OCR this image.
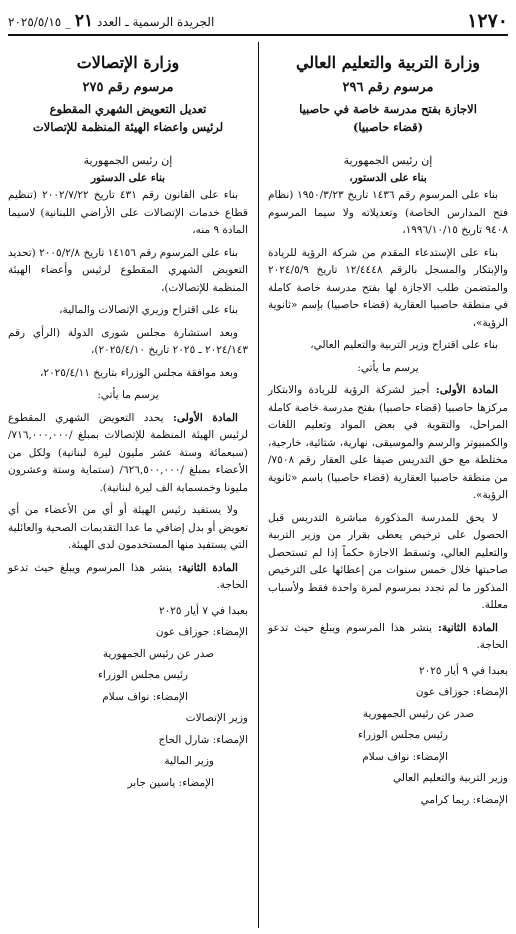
١٢٧٠
الجريدة الرسمية ـ العدد ٢١ _ ٢٠٢٥/٥/١٥
وزارة التربية والتعليم العالي
مرسوم رقم ٢٩٦
الاجازة بفتح مدرسة خاصة في حاصبيا
(قضاء حاصبيا)
إن رئيس الجمهورية
بناء على الدستور،

بناء على المرسوم رقم ١٤٣٦ تاريخ ١٩٥٠/٣/٢٣ (نظام فتح المدارس الخاصة) وتعديلاته ولا سيما المرسوم ٩٤٠٨ تاريخ ١٩٩٦/١٠/١٥،

بناء على الإستدعاء المقدم من شركة الرؤية للريادة والإبتكار والمسجل بالرقم ١٢/٤٤٤٨ تاريخ ٢٠٢٤/٥/٩ والمتضمن طلب الاجازة لها بفتح مدرسة خاصة كاملة في منطقة حاصبيا العقارية (قضاء حاصبيا) بإسم «ثانوية الرؤية»،

بناء على اقتراح وزير التربية والتعليم العالي،

يرسم ما يأتي:

المادة الأولى: أجيز لشركة الرؤية للريادة والابتكار مركزها حاصبيا (قضاء حاصبيا) بفتح مدرسة خاصة كاملة المراحل، والتقوية في بعض المواد وتعليم اللغات والكمبيوتر والرسم والموسيقى، نهارية، شتائية، خارجية، مختلطة مع حق التدريس صيفا على العقار رقم ٧٥٠٨/ من منطقة حاصبيا العقارية (قضاء حاصبيا) باسم «ثانوية الرؤية».

لا يحق للمدرسة المذكورة مباشرة التدريس قبل الحصول على ترخيص يعطى بقرار من وزير التربية والتعليم العالي، وتسقط الاجازة حكماً إذا لم تستحصل صاحبتها خلال خمس سنوات من إعطائها على الترخيص المذكور ما لم تجدد بمرسوم لمرة واحدة فقط ولأسباب معللة.

المادة الثانية: ينشر هذا المرسوم ويبلغ حيث تدعو الحاجة.

بعبدا في ٩ أيار ٢٠٢٥

الإمضاء: جوزاف عون

صدر عن رئيس الجمهورية

رئيس مجلس الوزراء

الإمضاء: نواف سلام

وزير التربية والتعليم العالي

الإمضاء: ريما كرامي

وزارة الإتصالات
مرسوم رقم ٢٧٥
تعديل التعويض الشهري المقطوع
لرئيس واعضاء الهيئة المنظمة للإتصالات
إن رئيس الجمهورية
بناء على الدستور

بناء على القانون رقم ٤٣١ تاريخ ٢٠٠٢/٧/٢٢ (تنظيم قطاع خدمات الإتصالات على الأراضي اللبنانية) لاسيما المادة ٩ منه،

بناء على المرسوم رقم ١٤١٥٦ تاريخ ٢٠٠٥/٢/٨ (تحديد التعويض الشهري المقطوع لرئيس وأعضاء الهيئة المنظمة للإتصالات)،

بناء على اقتراح وزيري الإتصالات والمالية،

وبعد استشارة مجلس شورى الدولة (الرأي رقم ٢٠٢٤/١٤٣ ـ ٢٠٢٥ تاريخ ٢٠٢٥/٤/١٠)،

وبعد موافقة مجلس الوزراء بتاريخ ٢٠٢٥/٤/١١،

يرسم ما يأتي:

المادة الأولى: يحدد التعويض الشهري المقطوع لرئيس الهيئة المنظمة للإتصالات بمبلغ /٧١٦,٠٠٠,٠٠٠/ (سبعمائة وستة عشر مليون ليرة لبنانية) ولكل من الأعضاء بمبلغ /٦٢٦,٥٠٠,٠٠٠/ (ستماية وستة وعشرون مليونا وخمسماية الف ليرة لبنانية).

ولا يستفيد رئيس الهيئة أو أي من الأعضاء من أي تعويض أو بدل إضافي ما عدا التقديمات الصحية والعائلية التي يستفيد منها المستخدمون لدى الهيئة.

المادة الثانية: ينشر هذا المرسوم ويبلغ حيث تدعو الحاجة.

بعبدا في ٧ أيار ٢٠٢٥

الإمضاء: جوزاف عون

صدر عن رئيس الجمهورية

رئيس مجلس الوزراء

الإمضاء: نواف سلام

وزير الإتصالات

الإمضاء: شارل الحاج

وزير المالية

الإمضاء: ياسين جابر
